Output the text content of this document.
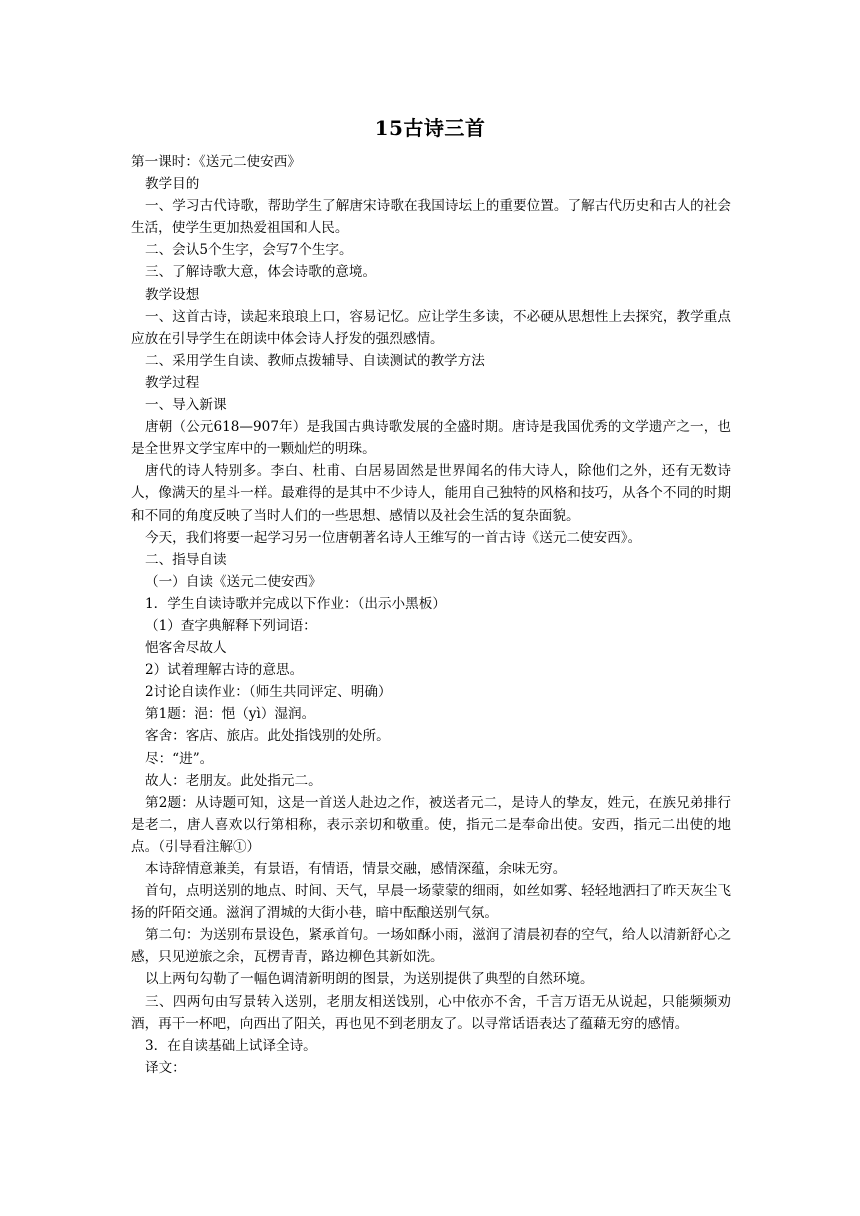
15古诗三首

第一课时：《送元二使安西》

教学目的

一、学习古代诗歌，帮助学生了解唐宋诗歌在我国诗坛上的重要位置。了解古代历史和古人的社会生活，使学生更加热爱祖国和人民。

二、会认5个生字，会写7个生字。

三、了解诗歌大意，体会诗歌的意境。

教学设想

一、这首古诗，读起来琅琅上口，容易记忆。应让学生多读，不必硬从思想性上去探究，教学重点应放在引导学生在朗读中体会诗人抒发的强烈感情。

二、采用学生自读、教师点拨辅导、自读测试的教学方法

教学过程

一、导入新课

唐朝（公元618—907年）是我国古典诗歌发展的全盛时期。唐诗是我国优秀的文学遗产之一，也是全世界文学宝库中的一颗灿烂的明珠。

唐代的诗人特别多。李白、杜甫、白居易固然是世界闻名的伟大诗人，除他们之外，还有无数诗人，像满天的星斗一样。最难得的是其中不少诗人，能用自己独特的风格和技巧，从各个不同的时期和不同的角度反映了当时人们的一些思想、感情以及社会生活的复杂面貌。

今天，我们将要一起学习另一位唐朝著名诗人王维写的一首古诗《送元二使安西》。

二、指导自读

（一）自读《送元二使安西》

1．学生自读诗歌并完成以下作业：（出示小黑板）

（1）查字典解释下列词语：

悒客舍尽故人

2）试着理解古诗的意思。

2讨论自读作业：（师生共同评定、明确）

第1题：浥：悒（yì）湿润。

客舍：客店、旅店。此处指饯别的处所。

尽：“进”。

故人：老朋友。此处指元二。

第2题：从诗题可知，这是一首送人赴边之作，被送者元二，是诗人的挚友，姓元，在族兄弟排行是老二，唐人喜欢以行第相称，表示亲切和敬重。使，指元二是奉命出使。安西，指元二出使的地点。（引导看注解①）

本诗辞情意兼美，有景语，有情语，情景交融，感情深蕴，余味无穷。

首句，点明送别的地点、时间、天气，早晨一场蒙蒙的细雨，如丝如雾、轻轻地洒扫了昨天灰尘飞扬的阡陌交通。滋润了渭城的大街小巷，暗中酝酿送别气氛。

第二句：为送别布景设色，紧承首句。一场如酥小雨，滋润了清晨初春的空气，给人以清新舒心之感，只见逆旅之余，瓦楞青青，路边柳色其新如洗。

以上两句勾勒了一幅色调清新明朗的图景，为送别提供了典型的自然环境。

三、四两句由写景转入送别，老朋友相送饯别，心中依亦不舍，千言万语无从说起，只能频频劝酒，再干一杯吧，向西出了阳关，再也见不到老朋友了。以寻常话语表达了蕴藉无穷的感情。

3．在自读基础上试译全诗。

译文：
